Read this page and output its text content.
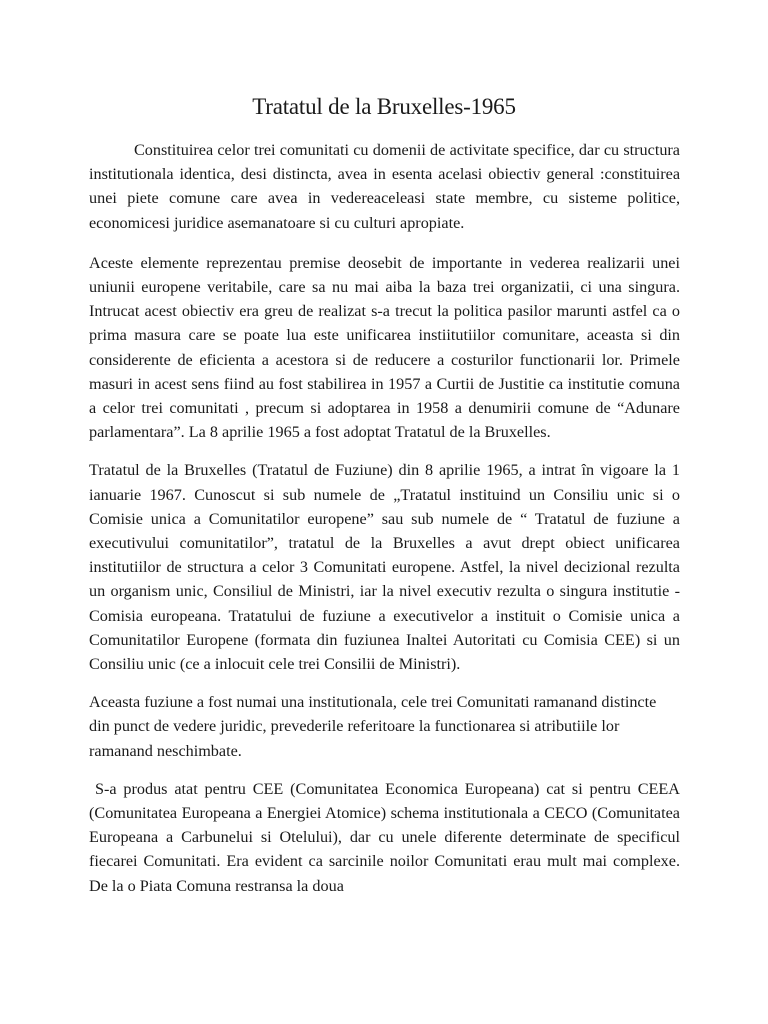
Tratatul de la Bruxelles-1965

Constituirea celor trei comunitati cu domenii de activitate specifice, dar cu structura institutionala identica, desi distincta, avea in esenta acelasi obiectiv general :constituirea unei piete comune care avea in vedereaceleasi state membre, cu sisteme politice, economicesi juridice asemanatoare si cu culturi apropiate.

Aceste elemente reprezentau premise deosebit de importante in vederea realizarii unei uniunii europene veritabile, care sa nu mai aiba la baza trei organizatii, ci una singura. Intrucat acest obiectiv era greu de realizat s-a trecut la politica pasilor marunti astfel ca o prima masura care se poate lua este unificarea instiitutiilor comunitare, aceasta si din considerente de eficienta a acestora si de reducere a costurilor functionarii lor. Primele masuri in acest sens fiind au fost stabilirea in 1957 a Curtii de Justitie ca institutie comuna a celor trei comunitati , precum si adoptarea in 1958 a denumirii comune de “Adunare parlamentara”. La 8 aprilie 1965 a fost adoptat Tratatul de la Bruxelles.

Tratatul de la Bruxelles (Tratatul de Fuziune) din 8 aprilie 1965, a intrat în vigoare la 1 ianuarie 1967. Cunoscut si sub numele de „Tratatul instituind un Consiliu unic si o Comisie unica a Comunitatilor europene” sau sub numele de “ Tratatul de fuziune a executivului comunitatilor”, tratatul de la Bruxelles a avut drept obiect unificarea institutiilor de structura a celor 3 Comunitati europene. Astfel, la nivel decizional rezulta un organism unic, Consiliul de Ministri, iar la nivel executiv rezulta o singura institutie - Comisia europeana. Tratatului de fuziune a executivelor a instituit o Comisie unica a Comunitatilor Europene (formata din fuziunea Inaltei Autoritati cu Comisia CEE) si un Consiliu unic (ce a inlocuit cele trei Consilii de Ministri).

Aceasta fuziune a fost numai una institutionala, cele trei Comunitati ramanand distincte din punct de vedere juridic, prevederile referitoare la functionarea si atributiile lor ramanand neschimbate.

S-a produs atat pentru CEE (Comunitatea Economica Europeana) cat si pentru CEEA (Comunitatea Europeana a Energiei Atomice) schema institutionala a CECO (Comunitatea Europeana a Carbunelui si Otelului), dar cu unele diferente determinate de specificul fiecarei Comunitati. Era evident ca sarcinile noilor Comunitati erau mult mai complexe. De la o Piata Comuna restransa la doua
